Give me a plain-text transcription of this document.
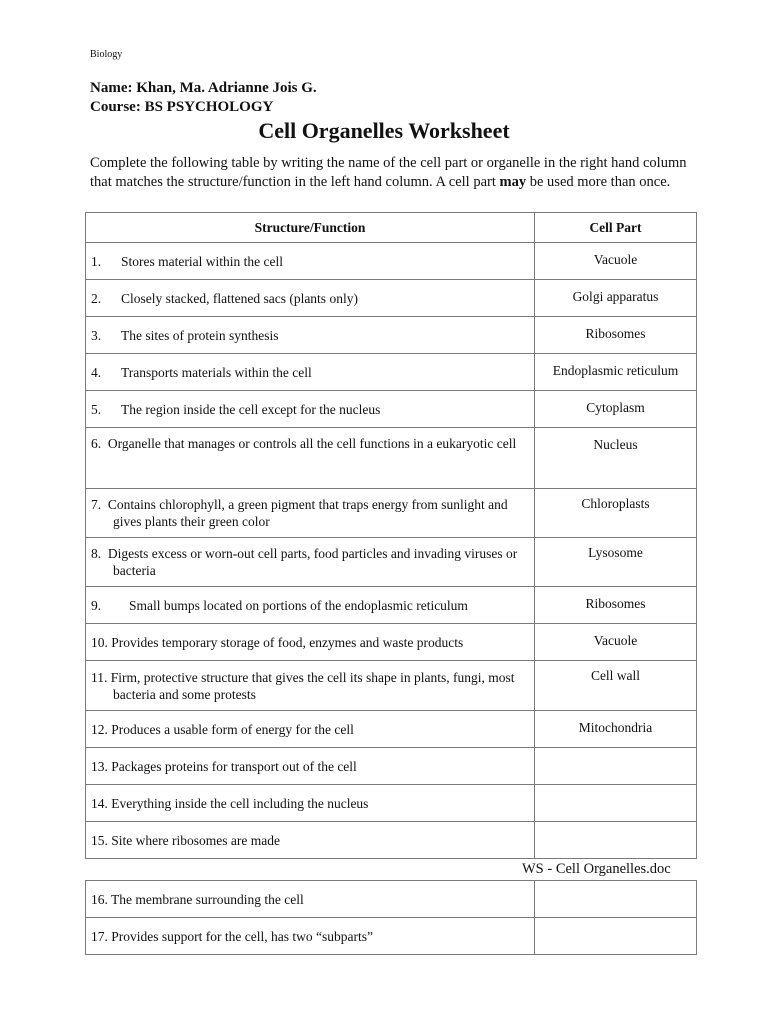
Biology
Name: Khan, Ma. Adrianne Jois G.
Course: BS PSYCHOLOGY
Cell Organelles Worksheet
Complete the following table by writing the name of the cell part or organelle in the right hand column that matches the structure/function in the left hand column. A cell part may be used more than once.
Structure/Function	Cell Part
1. Stores material within the cell	Vacuole
2. Closely stacked, flattened sacs (plants only)	Golgi apparatus
3. The sites of protein synthesis	Ribosomes
4. Transports materials within the cell	Endoplasmic reticulum
5. The region inside the cell except for the nucleus	Cytoplasm

6. Organelle that manages or controls all the cell functions in a eukaryotic cell	Nucleus

7. Contains chlorophyll, a green pigment that traps energy from sunlight and gives plants their green color	Chloroplasts

8. Digests excess or worn-out cell parts, food particles and invading viruses or bacteria	Lysosome
9. Small bumps located on portions of the endoplasmic reticulum	Ribosomes
10. Provides temporary storage of food, enzymes and waste products	Vacuole

11. Firm, protective structure that gives the cell its shape in plants, fungi, most bacteria and some protests	Cell wall
12. Produces a usable form of energy for the cell	Mitochondria
13. Packages proteins for transport out of the cell	
14. Everything inside the cell including the nucleus	
15. Site where ribosomes are made	
WS - Cell Organelles.doc
16. The membrane surrounding the cell	
17. Provides support for the cell, has two “subparts”	
